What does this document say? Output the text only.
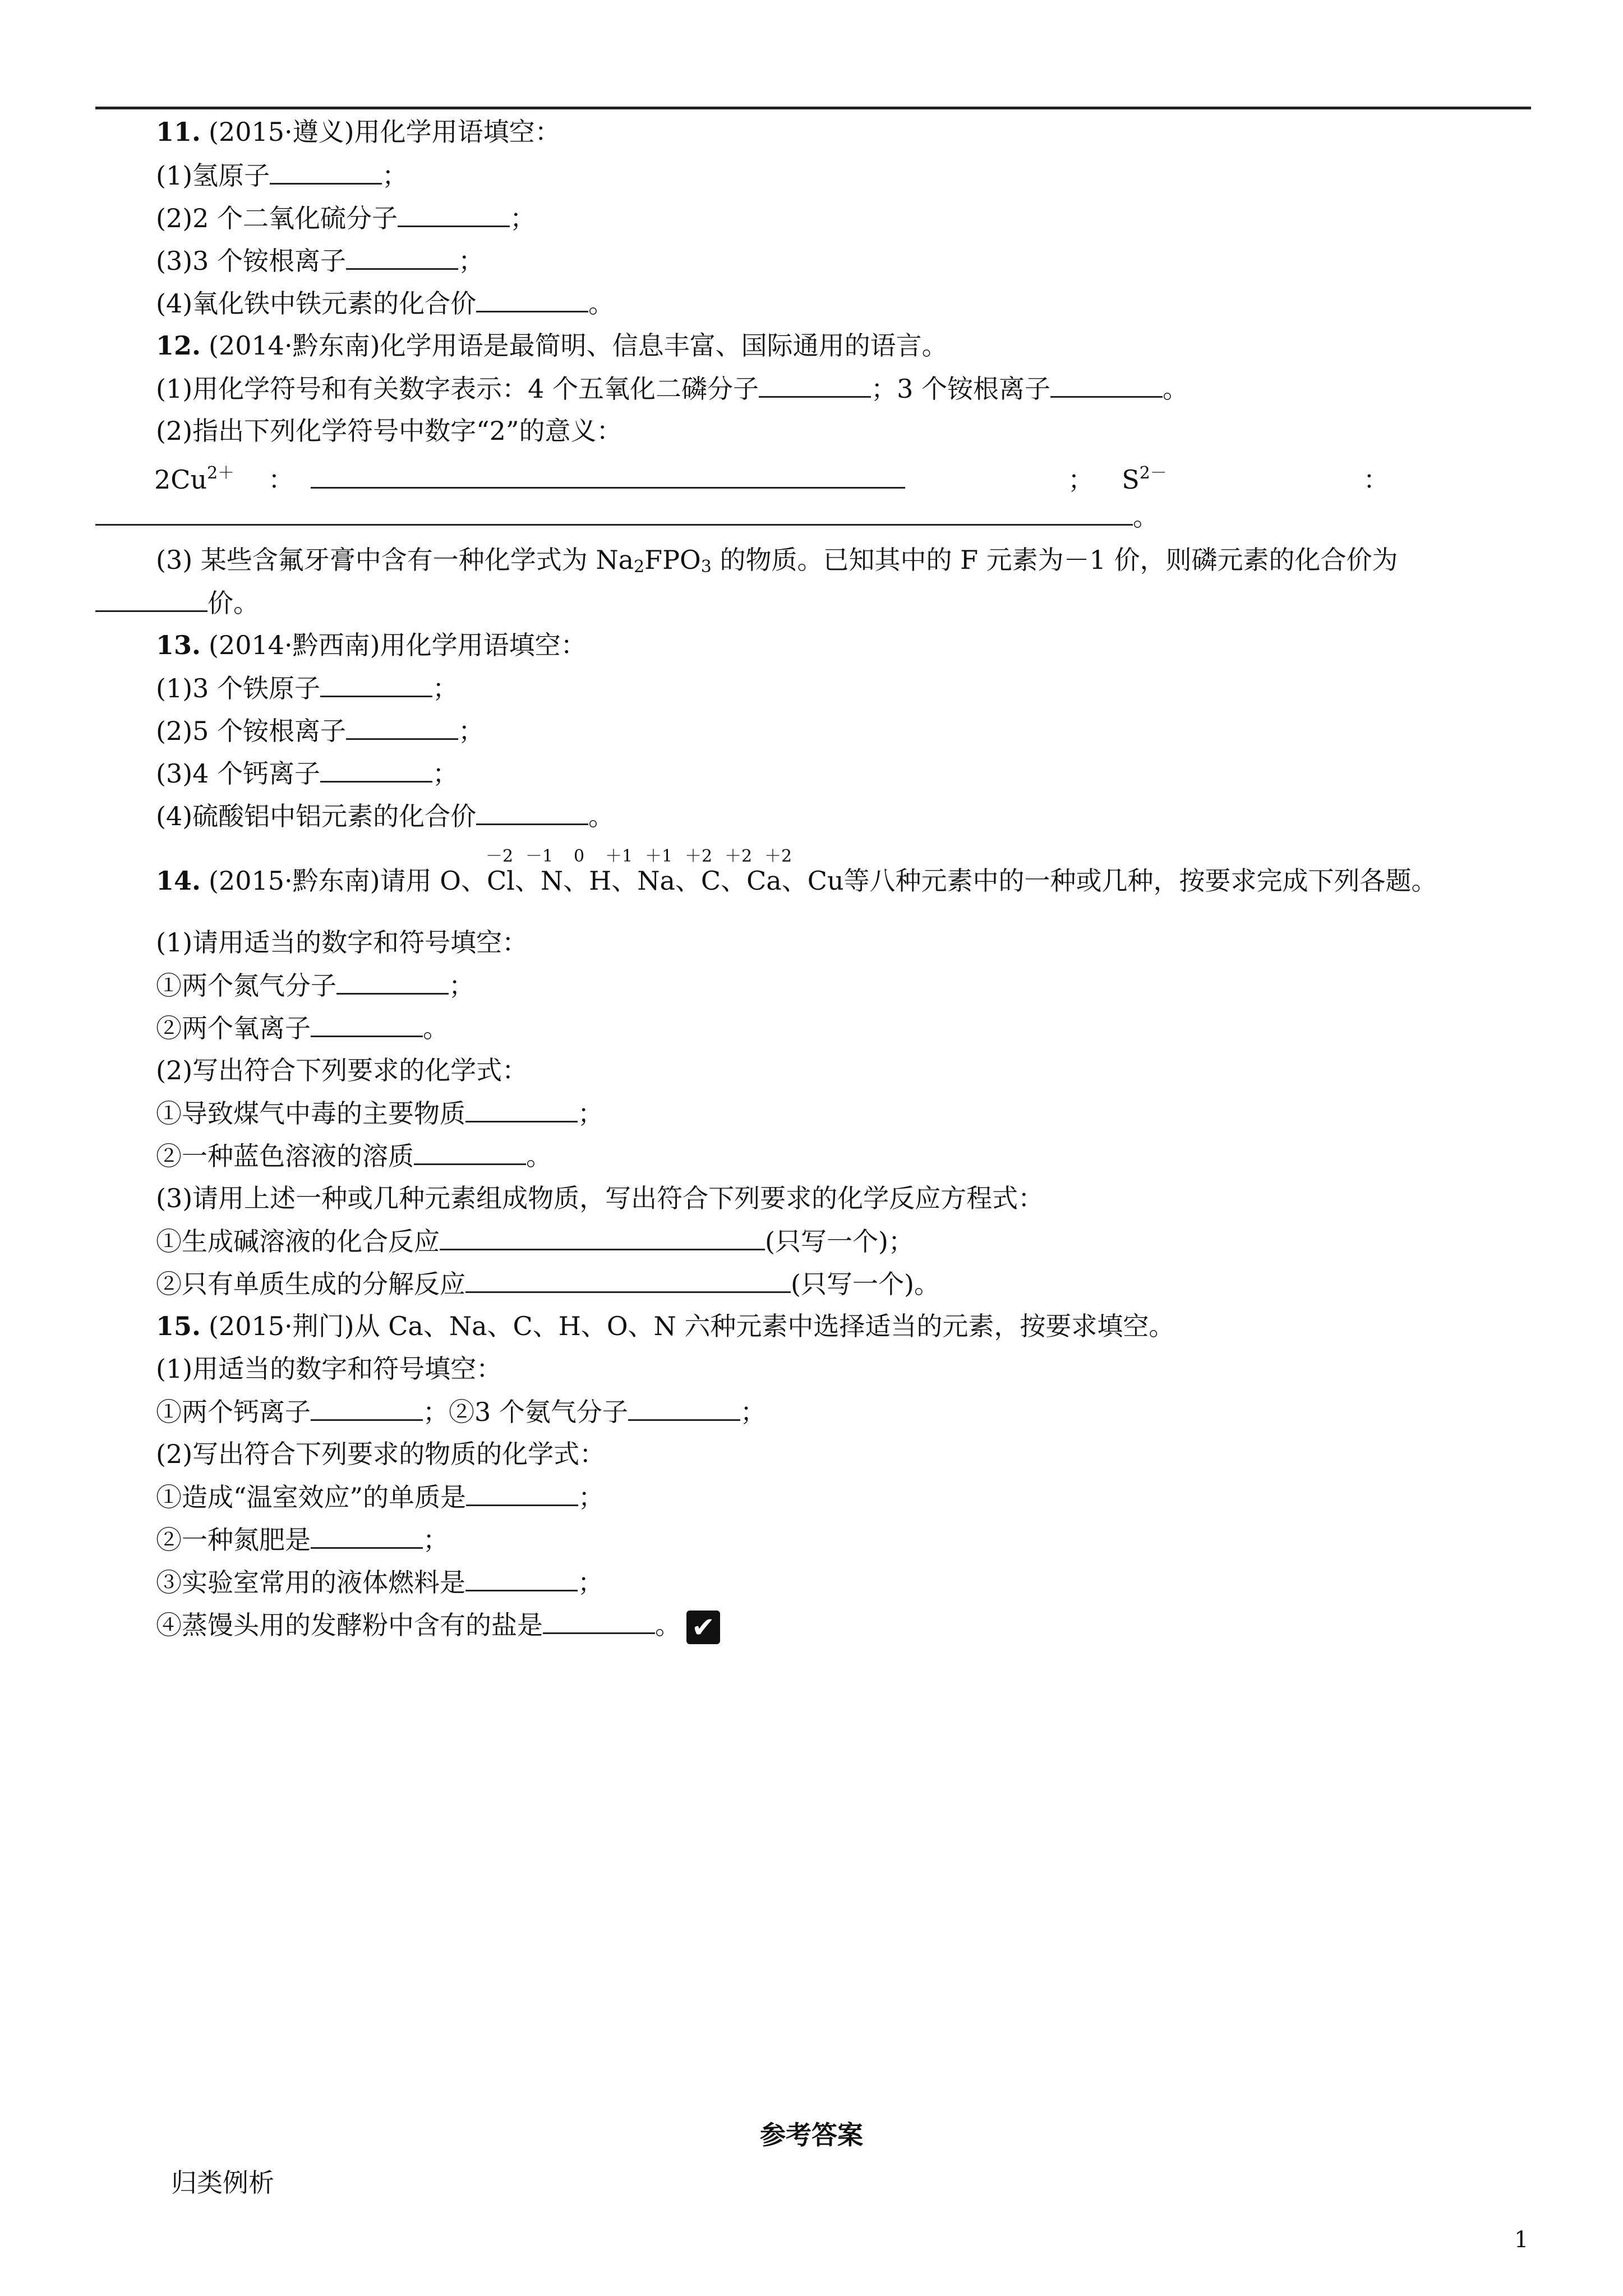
11. (2015·遵义)用化学用语填空：
(1)氢原子	；
(2)2 个二氧化硫分子	；
(3)3 个铵根离子	；
(4)氧化铁中铁元素的化合价	。
12. (2014·黔东南)化学用语是最简明、信息丰富、国际通用的语言。
(1)用化学符号和有关数字表示：4 个五氧化二磷分子	；3 个铵根离子	。
(2)指出下列化学符号中数字“2”的意义：
$2Cu^{2+}$ ：	； $S^{2-}$	：
。
(3) 某些含氟牙膏中含有一种化学式为 $Na_2FPO_3$ 的物质。已知其中的 F 元素为－1 价，则磷元素的化合价为
价。
13. (2014·黔西南)用化学用语填空：
(1)3 个铁原子	；
(2)5 个铵根离子	；
(3)4 个钙离子	；
(4)硫酸铝中铝元素的化合价	。
－2 －1 0 ＋1 ＋1 ＋2 ＋2 ＋2
14. (2015·黔东南)请用 O、Cl、N、H、Na、C、Ca、Cu等八种元素中的一种或几种，按要求完成下列各题。
(1)请用适当的数字和符号填空：
①两个氮气分子	；
②两个氧离子	。
(2)写出符合下列要求的化学式：
①导致煤气中毒的主要物质	；
②一种蓝色溶液的溶质	。
(3)请用上述一种或几种元素组成物质，写出符合下列要求的化学反应方程式：
①生成碱溶液的化合反应	(只写一个)；
②只有单质生成的分解反应	(只写一个)。
15. (2015·荆门)从 Ca、Na、C、H、O、N 六种元素中选择适当的元素，按要求填空。
(1)用适当的数字和符号填空：
①两个钙离子	；②3 个氨气分子	；
(2)写出符合下列要求的物质的化学式：
①造成“温室效应”的单质是	；
②一种氮肥是	；
③实验室常用的液体燃料是	；
④蒸馒头用的发酵粉中含有的盐是	。 ✔
参考答案
归类例析
1
